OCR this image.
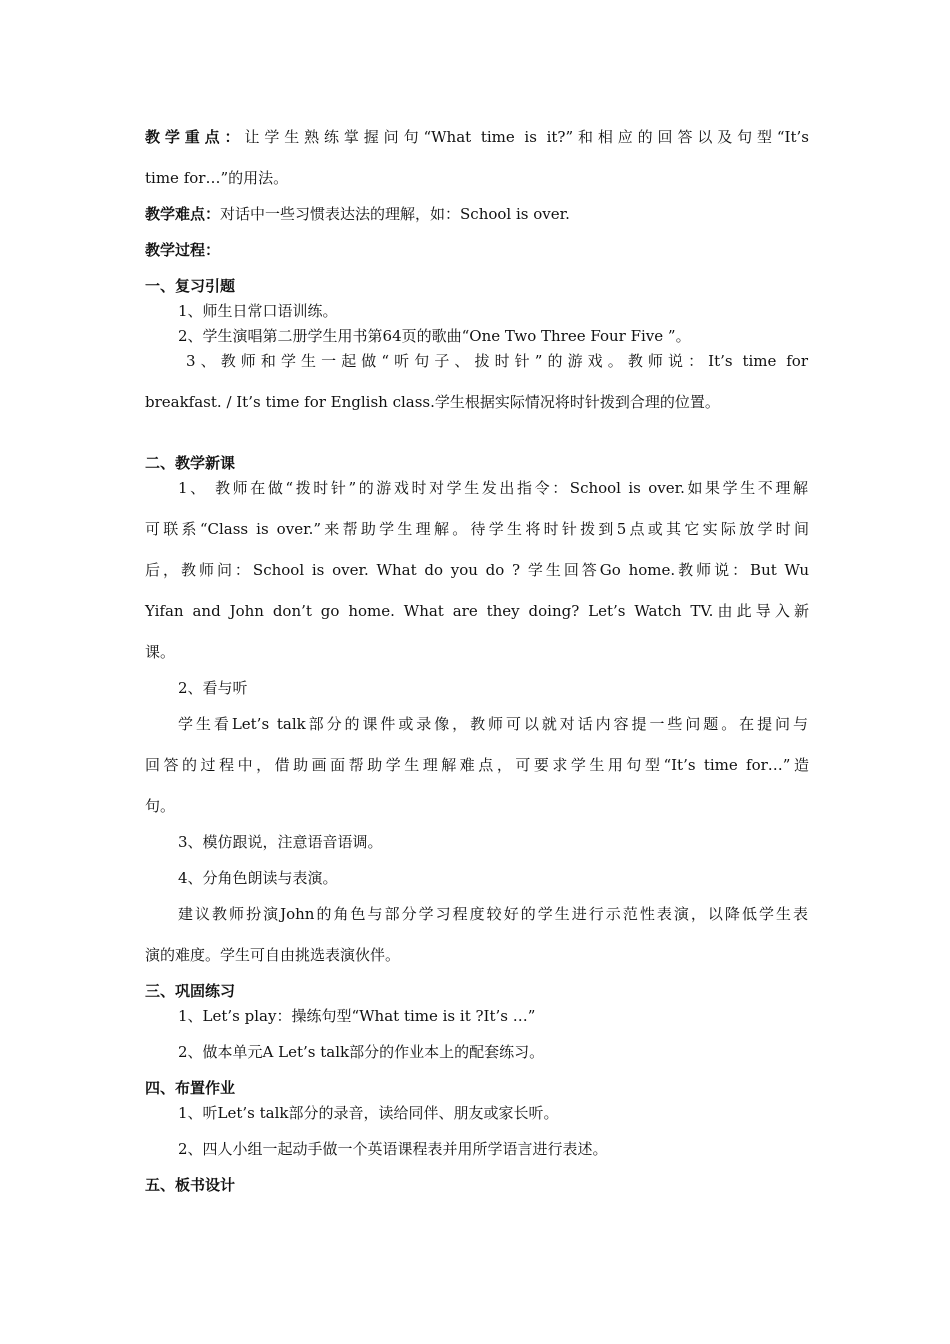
教学重点：让学生熟练掌握问句“What time is it?”和相应的回答以及句型“It’s
time for…”的用法。
教学难点：对话中一些习惯表达法的理解，如：School is over.
教学过程：
一、复习引题
1、师生日常口语训练。
2、学生演唱第二册学生用书第64页的歌曲“One Two Three Four Five ”。
3、教师和学生一起做“听句子、拔时针”的游戏。教师说：It’s time for
breakfast. / It’s time for English class.学生根据实际情况将时针拨到合理的位置。
二、教学新课
1、 教师在做“拨时针”的游戏时对学生发出指令：School is over.如果学生不理解
可联系“Class is over.”来帮助学生理解。待学生将时针拨到5点或其它实际放学时间
后，教师问：School is over. What do you do ? 学生回答Go home.教师说：But Wu
Yifan and John don’t go home. What are they doing? Let’s Watch TV.由此导入新
课。
2、看与听
学生看Let’s talk部分的课件或录像，教师可以就对话内容提一些问题。在提问与
回答的过程中，借助画面帮助学生理解难点，可要求学生用句型“It’s time for…”造
句。
3、模仿跟说，注意语音语调。
4、分角色朗读与表演。
建议教师扮演John的角色与部分学习程度较好的学生进行示范性表演，以降低学生表
演的难度。学生可自由挑选表演伙伴。
三、巩固练习
1、Let’s play：操练句型“What time is it ?It’s …”
2、做本单元A Let’s talk部分的作业本上的配套练习。
四、布置作业
1、听Let’s talk部分的录音，读给同伴、朋友或家长听。
2、四人小组一起动手做一个英语课程表并用所学语言进行表述。
五、板书设计
